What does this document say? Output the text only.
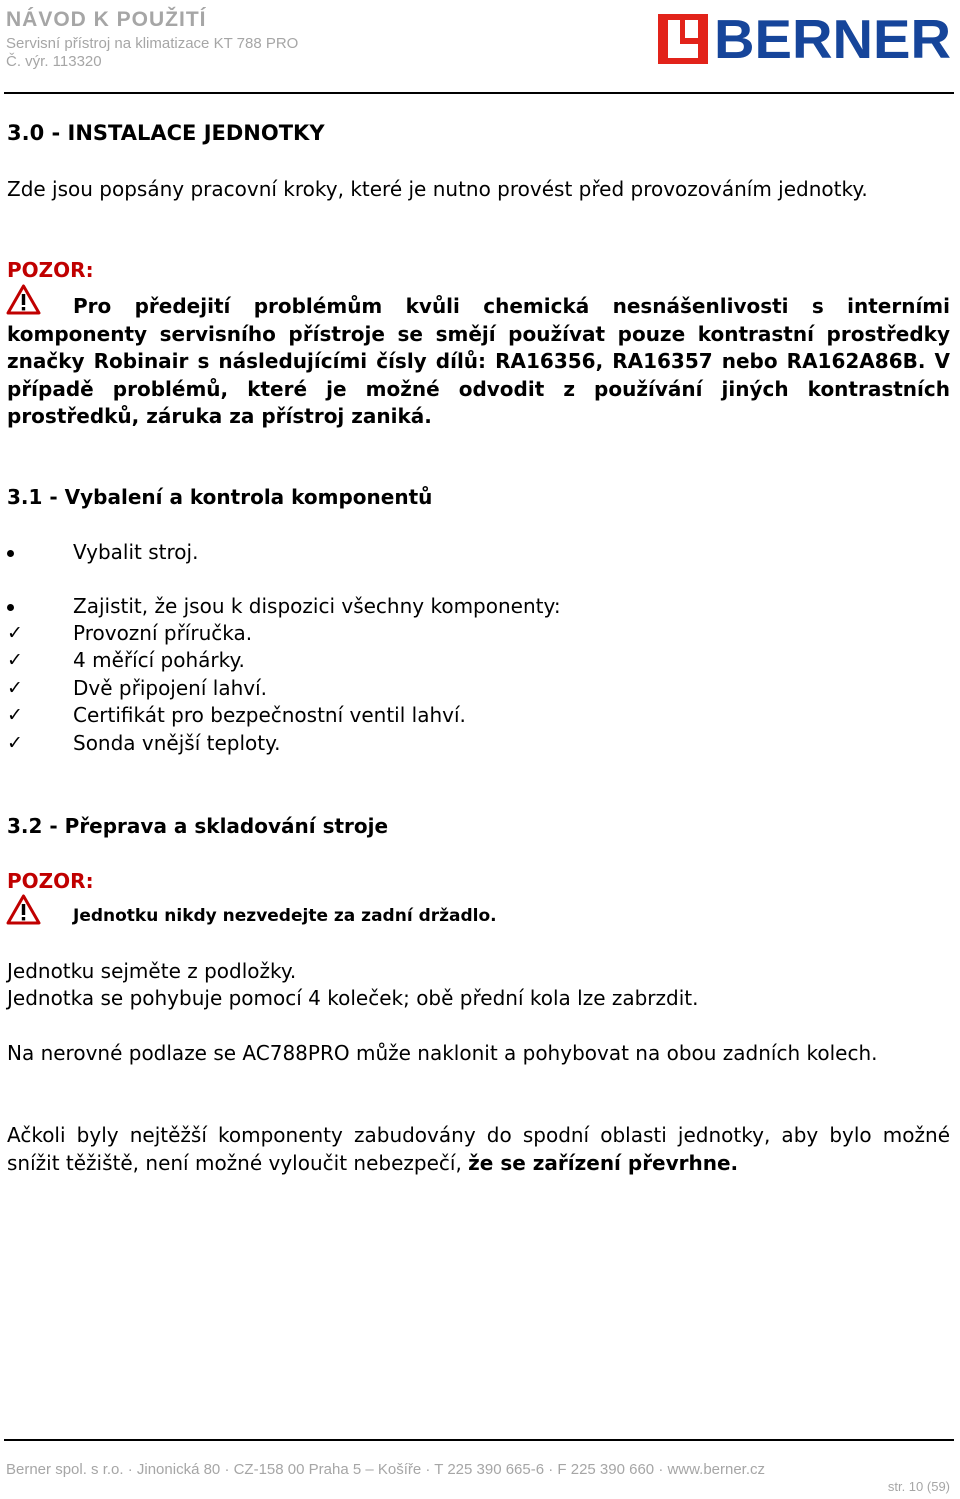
NÁVOD K POUŽITÍ
Servisní přístroj na klimatizace KT 788 PRO
Č. výr. 113320	BERNER
3.0 - INSTALACE JEDNOTKY
Zde jsou popsány pracovní kroky, které je nutno provést před provozováním jednotky.
POZOR:
Pro předejití problémům kvůli chemická nesnášenlivosti s interními komponenty servisního přístroje se smějí používat pouze kontrastní prostředky značky Robinair s následujícími čísly dílů: RA16356, RA16357 nebo RA162A86B. V případě problémů, které je možné odvodit z používání jiných kontrastních prostředků, záruka za přístroj zaniká.
3.1 - Vybalení a kontrola komponentů
Vybalit stroj.
Zajistit, že jsou k dispozici všechny komponenty:
✓	Provozní příručka.
✓	4 měřící pohárky.
✓	Dvě připojení lahví.
✓	Certifikát pro bezpečnostní ventil lahví.
✓	Sonda vnější teploty.
3.2 - Přeprava a skladování stroje
POZOR:
Jednotku nikdy nezvedejte za zadní držadlo.
Jednotku sejměte z podložky.
Jednotka se pohybuje pomocí 4 koleček; obě přední kola lze zabrzdit.
Na nerovné podlaze se AC788PRO může naklonit a pohybovat na obou zadních kolech.
Ačkoli byly nejtěžší komponenty zabudovány do spodní oblasti jednotky, aby bylo možné snížit těžiště, není možné vyloučit nebezpečí, že se zařízení převrhne.
Berner spol. s r.o. · Jinonická 80 · CZ-158 00 Praha 5 – Košíře · T 225 390 665-6 · F 225 390 660 · www.berner.cz
str. 10 (59)
